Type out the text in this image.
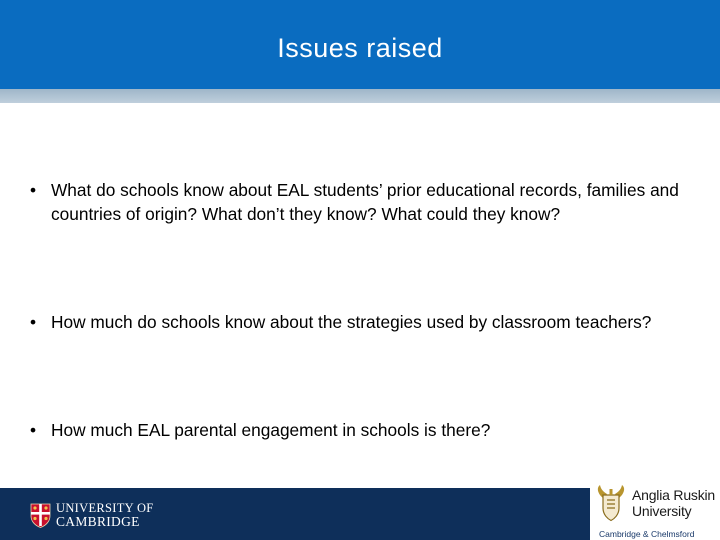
Issues raised
• What do schools know about EAL students’ prior educational records, families and countries of origin? What don’t they know? What could they know?
• How much do schools know about the strategies used by classroom teachers?
• How much EAL parental engagement in schools is there?
UNIVERSITY OF
CAMBRIDGE
Anglia Ruskin
University
Cambridge & Chelmsford
